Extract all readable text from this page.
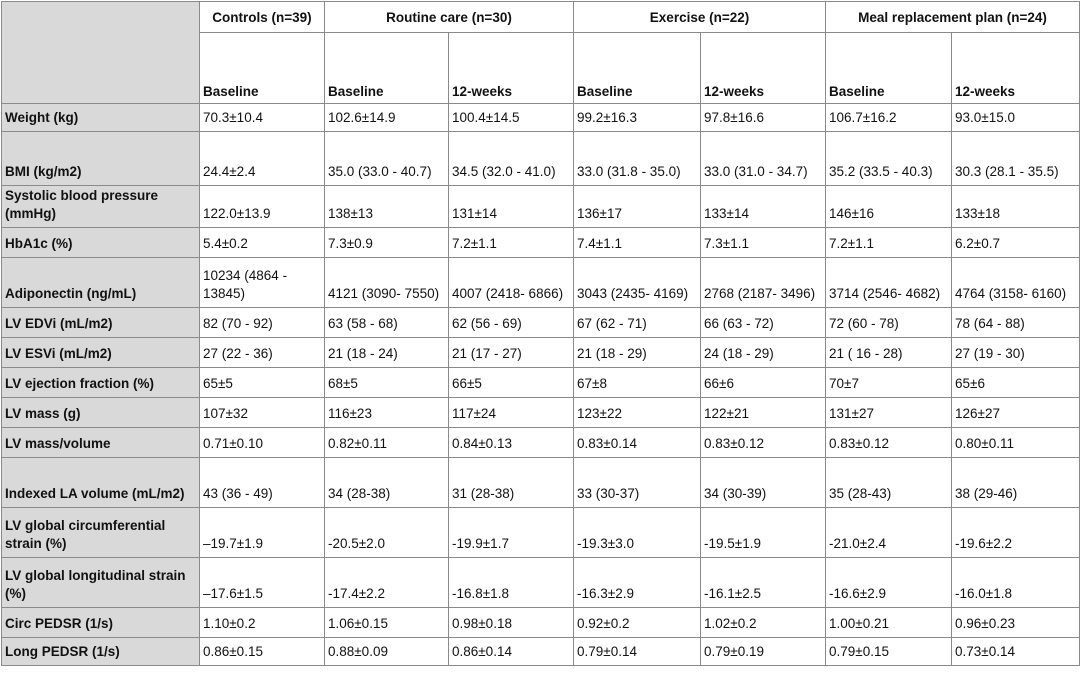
	Controls (n=39)	Routine care (n=30)		Exercise (n=22)		Meal replacement plan (n=24)	
	Baseline	Baseline	12-weeks	Baseline	12-weeks	Baseline	12-weeks
Weight (kg)	70.3±10.4	102.6±14.9	100.4±14.5	99.2±16.3	97.8±16.6	106.7±16.2	93.0±15.0
BMI (kg/m2)	24.4±2.4	35.0 (33.0 - 40.7)	34.5 (32.0 - 41.0)	33.0 (31.8 - 35.0)	33.0 (31.0 - 34.7)	35.2 (33.5 - 40.3)	30.3 (28.1 - 35.5)
Systolic blood pressure (mmHg)	122.0±13.9	138±13	131±14	136±17	133±14	146±16	133±18
HbA1c (%)	5.4±0.2	7.3±0.9	7.2±1.1	7.4±1.1	7.3±1.1	7.2±1.1	6.2±0.7
Adiponectin (ng/mL)	10234 (4864 - 13845)	4121 (3090- 7550)	4007 (2418- 6866)	3043 (2435- 4169)	2768 (2187- 3496)	3714 (2546- 4682)	4764 (3158- 6160)
LV EDVi (mL/m2)	82 (70 - 92)	63 (58 - 68)	62 (56 - 69)	67 (62 - 71)	66 (63 - 72)	72 (60 - 78)	78 (64 - 88)
LV ESVi (mL/m2)	27 (22 - 36)	21 (18 - 24)	21 (17 - 27)	21 (18 - 29)	24 (18 - 29)	21 ( 16 - 28)	27 (19 - 30)
LV ejection fraction (%)	65±5	68±5	66±5	67±8	66±6	70±7	65±6
LV mass (g)	107±32	116±23	117±24	123±22	122±21	131±27	126±27
LV mass/volume	0.71±0.10	0.82±0.11	0.84±0.13	0.83±0.14	0.83±0.12	0.83±0.12	0.80±0.11
Indexed LA volume (mL/m2)	43 (36 - 49)	34 (28-38)	31 (28-38)	33 (30-37)	34 (30-39)	35 (28-43)	38 (29-46)
LV global circumferential strain (%)	–19.7±1.9	-20.5±2.0	-19.9±1.7	-19.3±3.0	-19.5±1.9	-21.0±2.4	-19.6±2.2
LV global longitudinal strain (%)	–17.6±1.5	-17.4±2.2	-16.8±1.8	-16.3±2.9	-16.1±2.5	-16.6±2.9	-16.0±1.8
Circ PEDSR (1/s)	1.10±0.2	1.06±0.15	0.98±0.18	0.92±0.2	1.02±0.2	1.00±0.21	0.96±0.23
Long PEDSR (1/s)	0.86±0.15	0.88±0.09	0.86±0.14	0.79±0.14	0.79±0.19	0.79±0.15	0.73±0.14
